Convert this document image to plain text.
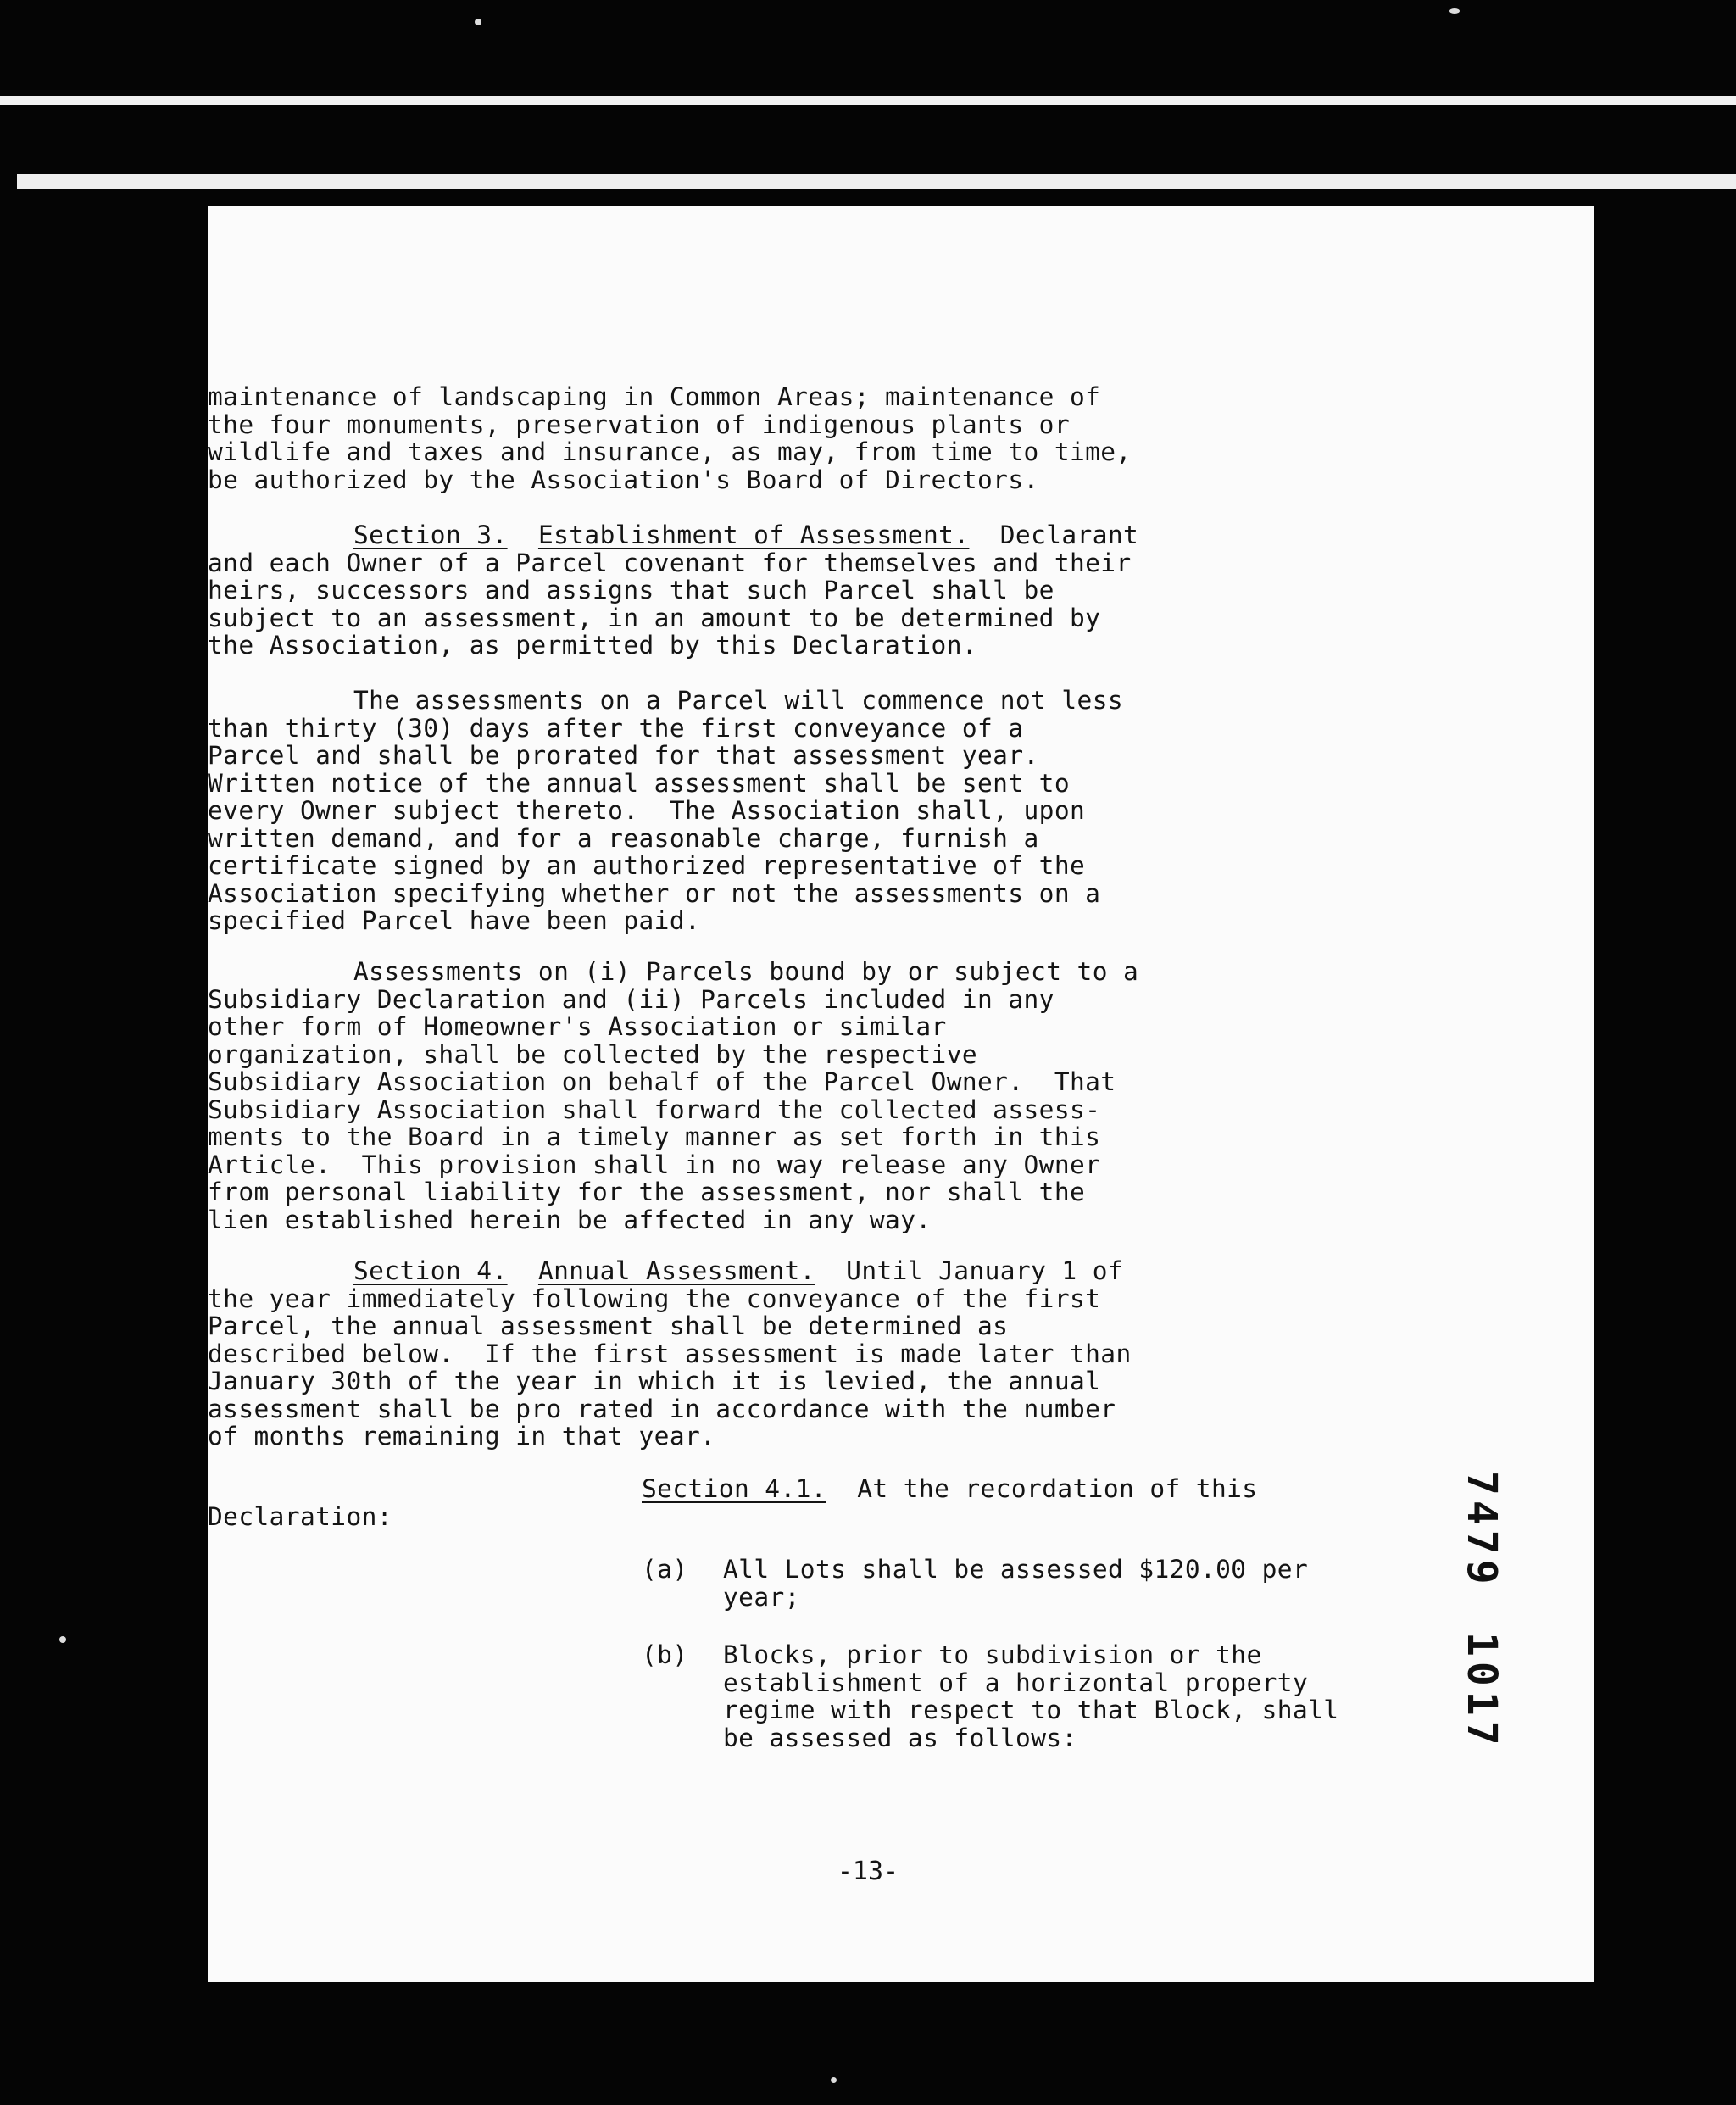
maintenance of landscaping in Common Areas; maintenance of
the four monuments, preservation of indigenous plants or
wildlife and taxes and insurance, as may, from time to time,
be authorized by the Association's Board of Directors.
Section 3. Establishment of Assessment. Declarant
and each Owner of a Parcel covenant for themselves and their
heirs, successors and assigns that such Parcel shall be
subject to an assessment, in an amount to be determined by
the Association, as permitted by this Declaration.
The assessments on a Parcel will commence not less
than thirty (30) days after the first conveyance of a
Parcel and shall be prorated for that assessment year.
Written notice of the annual assessment shall be sent to
every Owner subject thereto.  The Association shall, upon
written demand, and for a reasonable charge, furnish a
certificate signed by an authorized representative of the
Association specifying whether or not the assessments on a
specified Parcel have been paid.
Assessments on (i) Parcels bound by or subject to a
Subsidiary Declaration and (ii) Parcels included in any
other form of Homeowner's Association or similar
organization, shall be collected by the respective
Subsidiary Association on behalf of the Parcel Owner.  That
Subsidiary Association shall forward the collected assess-
ments to the Board in a timely manner as set forth in this
Article.  This provision shall in no way release any Owner
from personal liability for the assessment, nor shall the
lien established herein be affected in any way.
Section 4. Annual Assessment. Until January 1 of
the year immediately following the conveyance of the first
Parcel, the annual assessment shall be determined as
described below.  If the first assessment is made later than
January 30th of the year in which it is levied, the annual
assessment shall be pro rated in accordance with the number
of months remaining in that year.
Section 4.1. At the recordation of this
Declaration:
(a)	All Lots shall be assessed $120.00 per
year;
(b)	Blocks, prior to subdivision or the
establishment of a horizontal property
regime with respect to that Block, shall
be assessed as follows:
7479
1017
-13-
